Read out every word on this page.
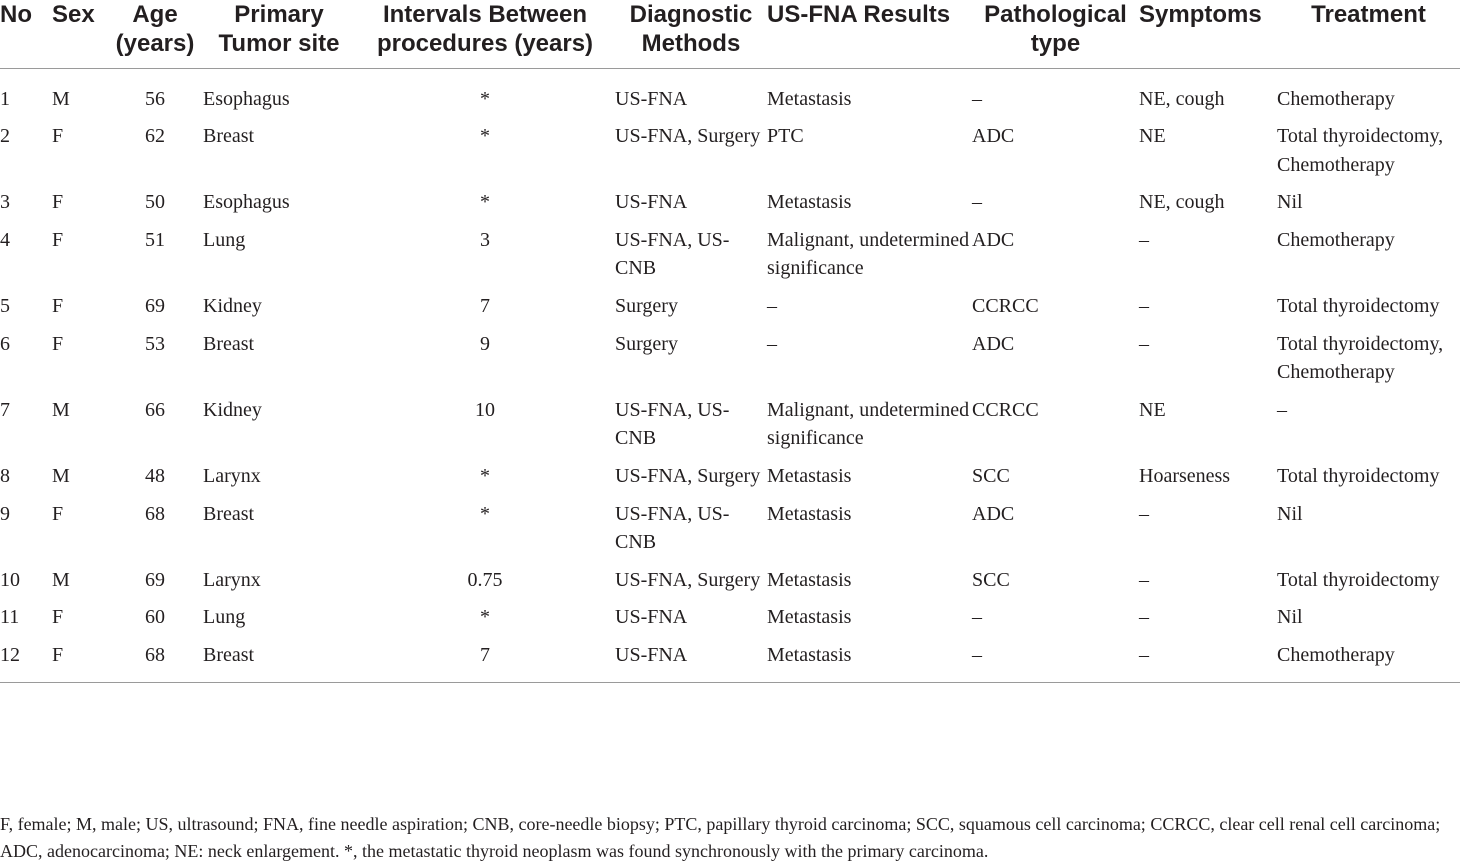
No	Sex	Age (years)	Primary Tumor site	Intervals Between procedures (years)	Diagnostic Methods	US-FNA Results	Pathological type	Symptoms	Treatment
1	M	56	Esophagus	*	US-FNA	Metastasis	–	NE, cough	Chemotherapy
2	F	62	Breast	*	US-FNA, Surgery	PTC	ADC	NE	Total thyroidectomy, Chemotherapy
3	F	50	Esophagus	*	US-FNA	Metastasis	–	NE, cough	Nil
4	F	51	Lung	3	US-FNA, US-CNB	Malignant, undetermined significance	ADC	–	Chemotherapy
5	F	69	Kidney	7	Surgery	–	CCRCC	–	Total thyroidectomy
6	F	53	Breast	9	Surgery	–	ADC	–	Total thyroidectomy, Chemotherapy
7	M	66	Kidney	10	US-FNA, US-CNB	Malignant, undetermined significance	CCRCC	NE	–
8	M	48	Larynx	*	US-FNA, Surgery	Metastasis	SCC	Hoarseness	Total thyroidectomy
9	F	68	Breast	*	US-FNA, US-CNB	Metastasis	ADC	–	Nil
10	M	69	Larynx	0.75	US-FNA, Surgery	Metastasis	SCC	–	Total thyroidectomy
11	F	60	Lung	*	US-FNA	Metastasis	–	–	Nil
12	F	68	Breast	7	US-FNA	Metastasis	–	–	Chemotherapy
F, female; M, male; US, ultrasound; FNA, fine needle aspiration; CNB, core-needle biopsy; PTC, papillary thyroid carcinoma; SCC, squamous cell carcinoma; CCRCC, clear cell renal cell carcinoma; ADC, adenocarcinoma; NE: neck enlargement. *, the metastatic thyroid neoplasm was found synchronously with the primary carcinoma.
